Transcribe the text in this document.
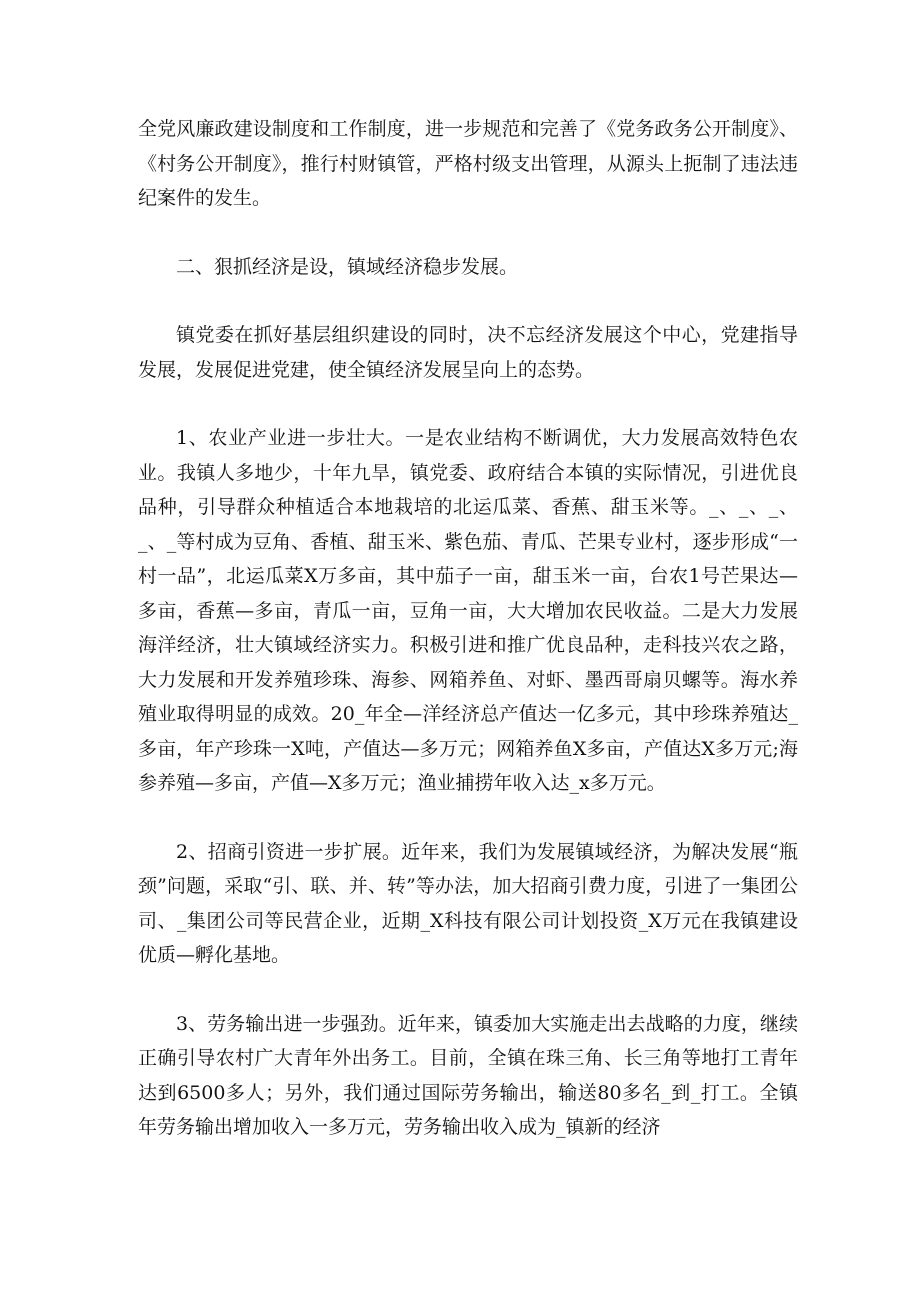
全党风廉政建设制度和工作制度，进一步规范和完善了《党务政务公开制度》、《村务公开制度》，推行村财镇管，严格村级支出管理，从源头上扼制了违法违纪案件的发生。

二、狠抓经济是设，镇域经济稳步发展。

镇党委在抓好基层组织建设的同时，决不忘经济发展这个中心，党建指导发展，发展促进党建，使全镇经济发展呈向上的态势。

1、农业产业进一步壮大。一是农业结构不断调优，大力发展高效特色农业。我镇人多地少，十年九旱，镇党委、政府结合本镇的实际情况，引进优良品种，引导群众种植适合本地栽培的北运瓜菜、香蕉、甜玉米等。_、_、_、_、_等村成为豆角、香植、甜玉米、紫色茄、青瓜、芒果专业村，逐步形成“一村一品”，北运瓜菜X万多亩，其中茄子一亩，甜玉米一亩，台农1号芒果达—多亩，香蕉—多亩，青瓜一亩，豆角一亩，大大增加农民收益。二是大力发展海洋经济，壮大镇域经济实力。积极引进和推广优良品种，走科技兴农之路，大力发展和开发养殖珍珠、海参、网箱养鱼、对虾、墨西哥扇贝螺等。海水养殖业取得明显的成效。20_年全—洋经济总产值达一亿多元，其中珍珠养殖达_多亩，年产珍珠一X吨，产值达—多万元；网箱养鱼X多亩，产值达X多万元;海参养殖—多亩，产值—X多万元；渔业捕捞年收入达_x多万元。

2、招商引资进一步扩展。近年来，我们为发展镇域经济，为解决发展“瓶颈”问题，采取“引、联、并、转”等办法，加大招商引费力度，引进了一集团公司、_集团公司等民营企业，近期_X科技有限公司计划投资_X万元在我镇建设优质—孵化基地。

3、劳务输出进一步强劲。近年来，镇委加大实施走出去战略的力度，继续正确引导农村广大青年外出务工。目前，全镇在珠三角、长三角等地打工青年达到6500多人；另外，我们通过国际劳务输出，输送80多名_到_打工。全镇年劳务输出增加收入一多万元，劳务输出收入成为_镇新的经济
